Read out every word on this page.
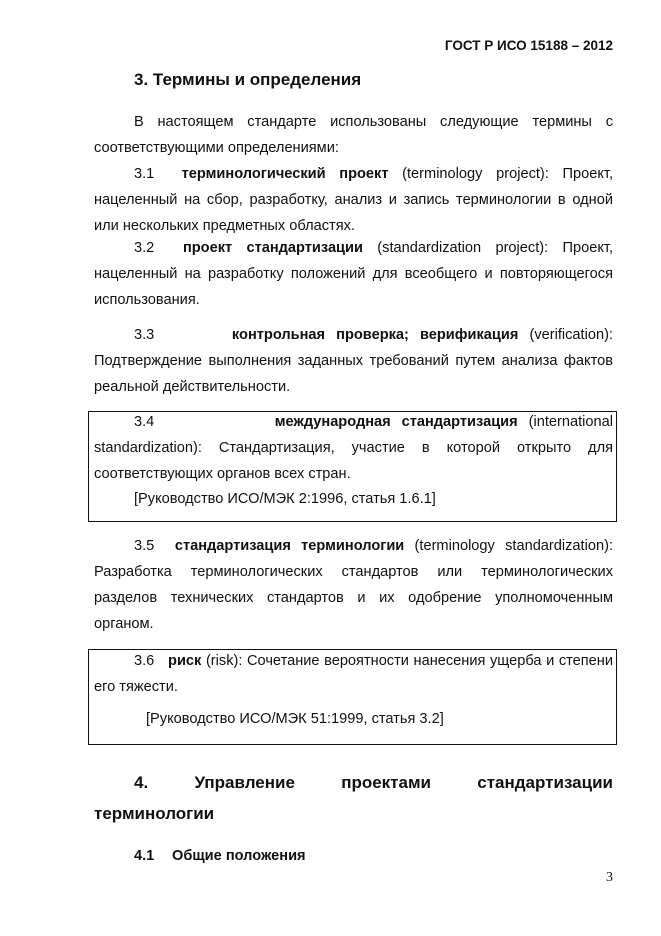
ГОСТ Р ИСО 15188 – 2012
3. Термины и определения

В настоящем стандарте использованы следующие термины с соответствующими определениями:

3.1 терминологический проект (terminology project): Проект, нацеленный на сбор, разработку, анализ и запись терминологии в одной или нескольких предметных областях.

3.2 проект стандартизации (standardization project): Проект, нацеленный на разработку положений для всеобщего и повторяющегося использования.

3.3	контрольная проверка; верификация (verification): Подтверждение выполнения заданных требований путем анализа фактов реальной действительности.

3.4	международная стандартизация (international standardization): Стандартизация, участие в которой открыто для соответствующих органов всех стран.

[Руководство ИСО/МЭК 2:1996, статья 1.6.1]

3.5 стандартизация терминологии (terminology standardization): Разработка терминологических стандартов или терминологических разделов технических стандартов и их одобрение уполномоченным органом.

3.6 риск (risk): Сочетание вероятности нанесения ущерба и степени его тяжести.

[Руководство ИСО/МЭК 51:1999, статья 3.2]
4.	Управление	проектами	стандартизации
терминологии
4.1 Общие положения
3
